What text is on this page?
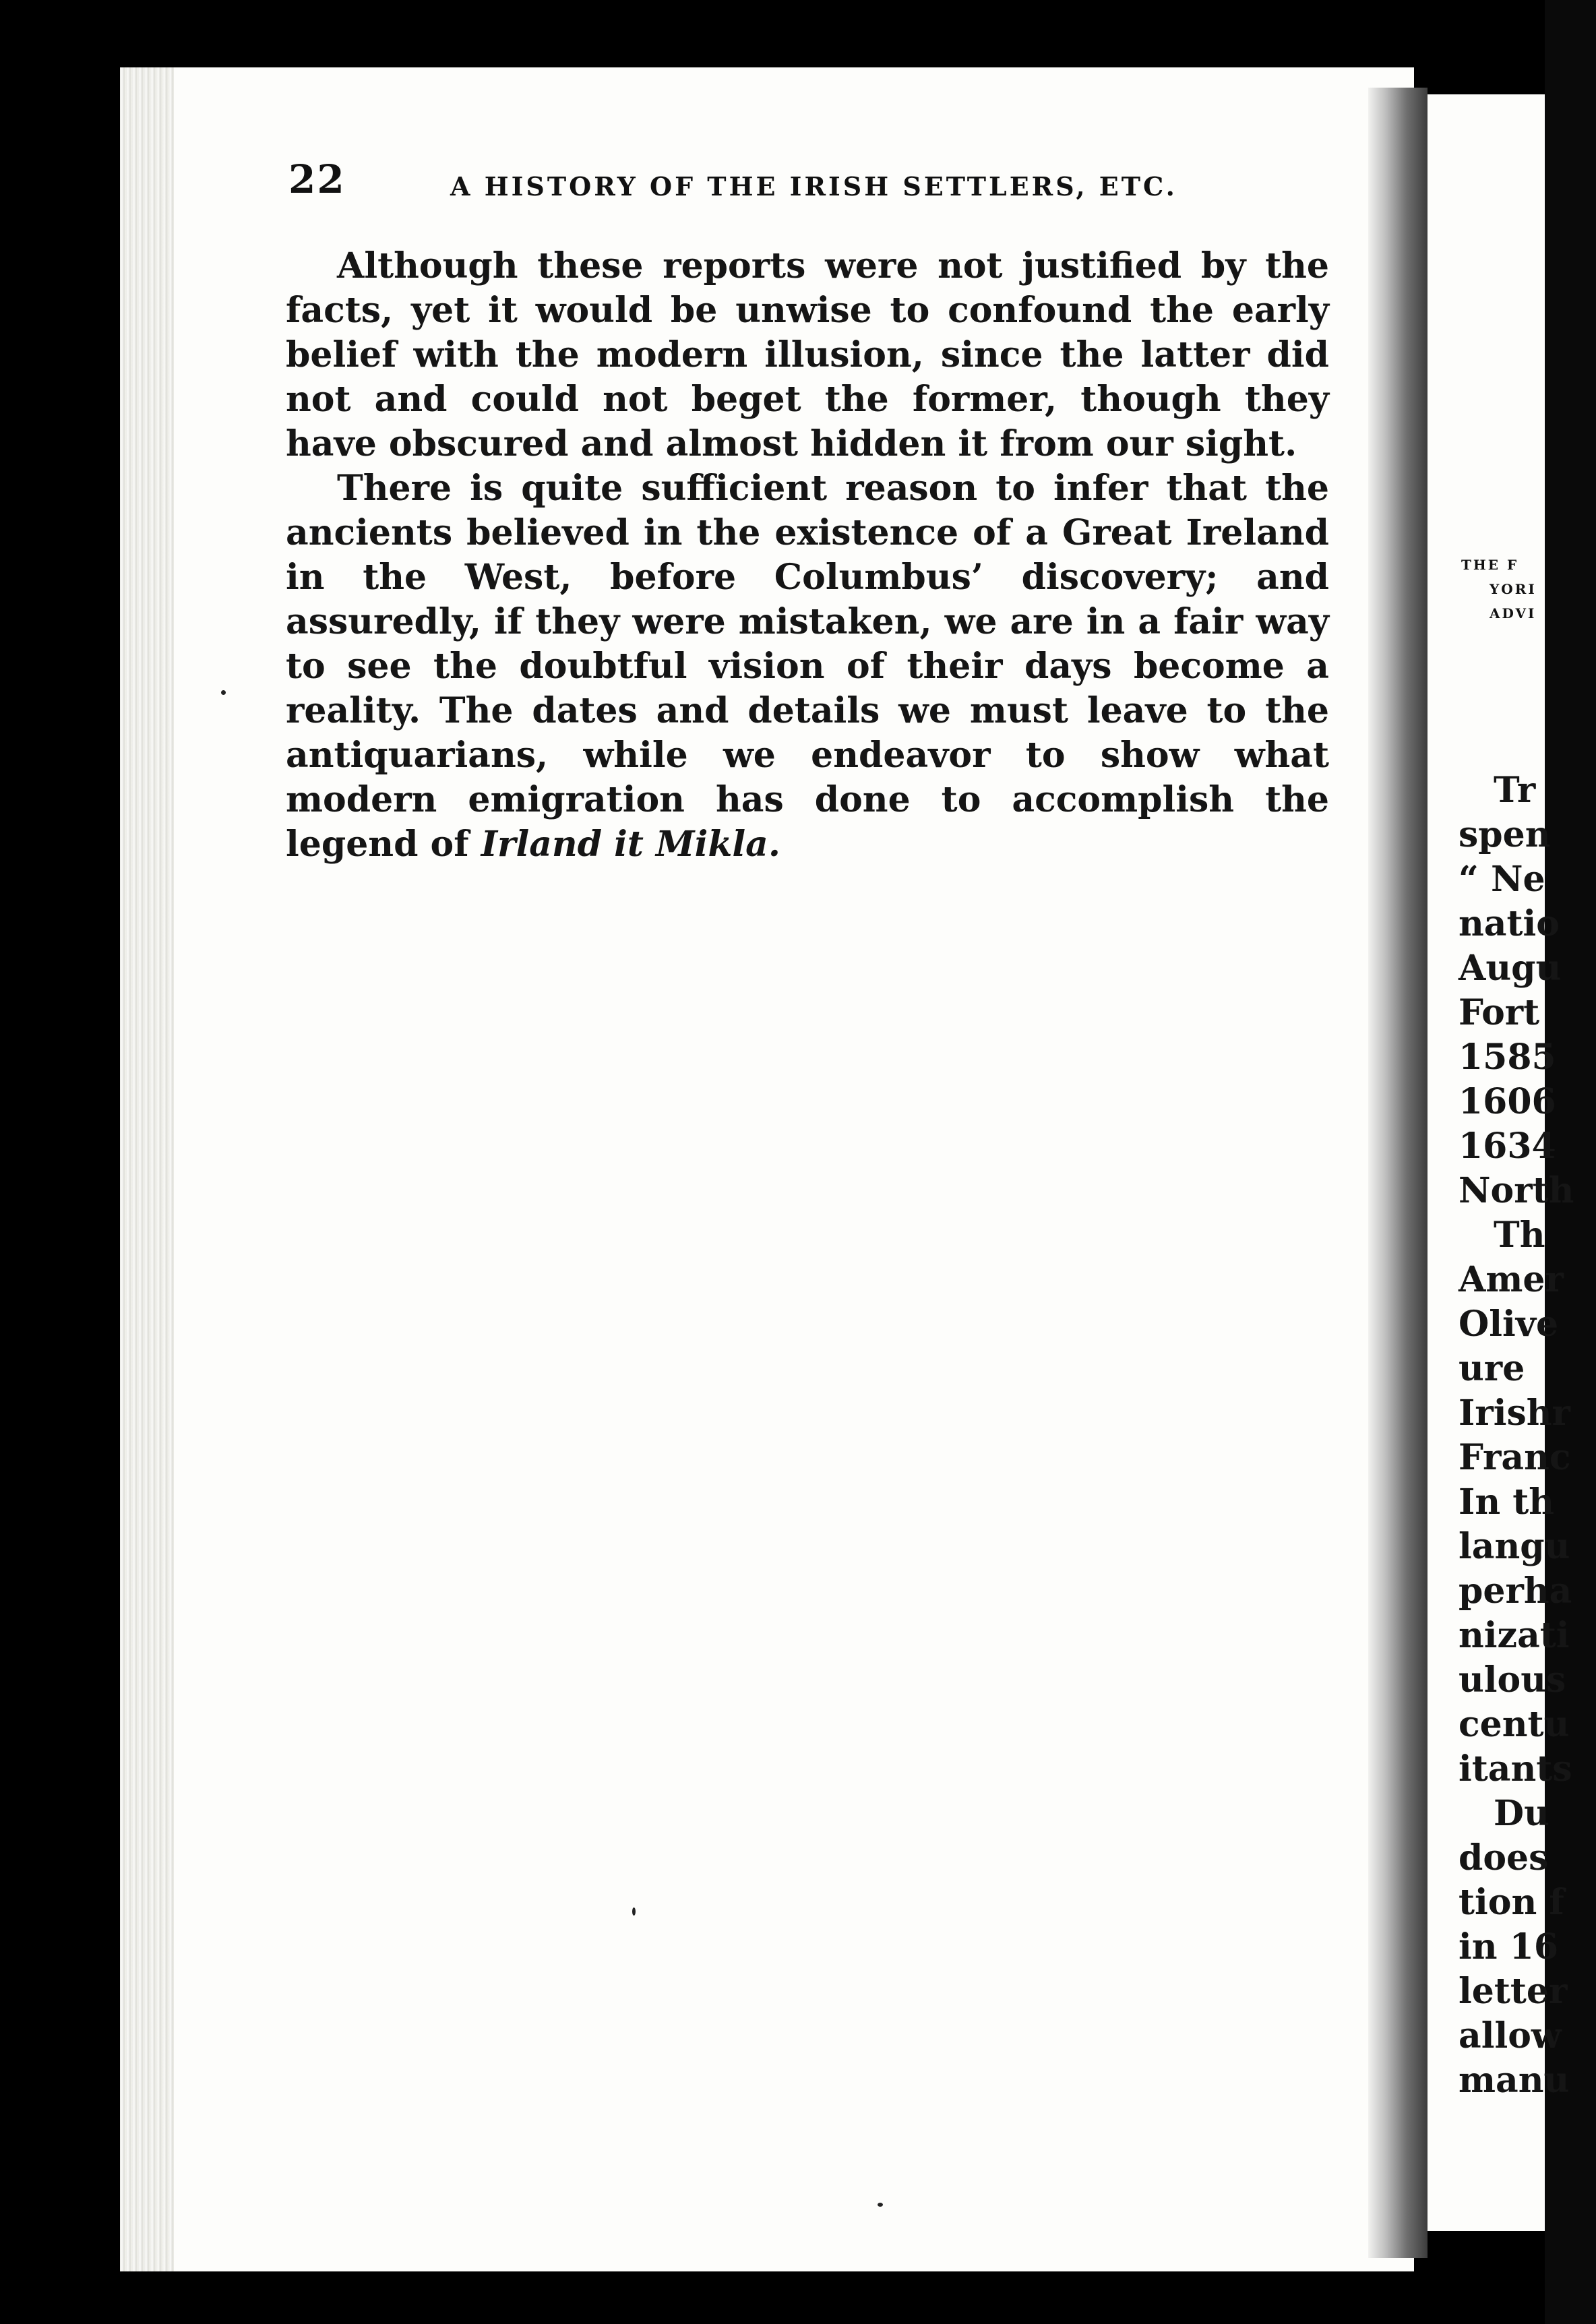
22	A HISTORY OF THE IRISH SETTLERS, ETC.

Although these reports were not justified by the facts, yet it would be unwise to confound the early belief with the modern illusion, since the latter did not and could not beget the former, though they have obscured and almost hidden it from our sight.

There is quite sufficient reason to infer that the ancients believed in the existence of a Great Ireland in the West, before Columbus’ discovery; and assuredly, if they were mistaken, we are in a fair way to see the doubtful vision of their days become a reality. The dates and details we must leave to the antiquarians, while we endeavor to show what modern emigration has done to accomplish the legend of Irland it Mikla.

THE F
YORI
ADVI
Tr
spen
“ Ne
natio
Augu
Fort
1585
1606
1634
North
Th
Amer
Olive
ure
Irishr
Franc
In th
langu
perha
nizati
ulous
centu
itants
Du
does
tion f
in 16
letter
allow
manu
